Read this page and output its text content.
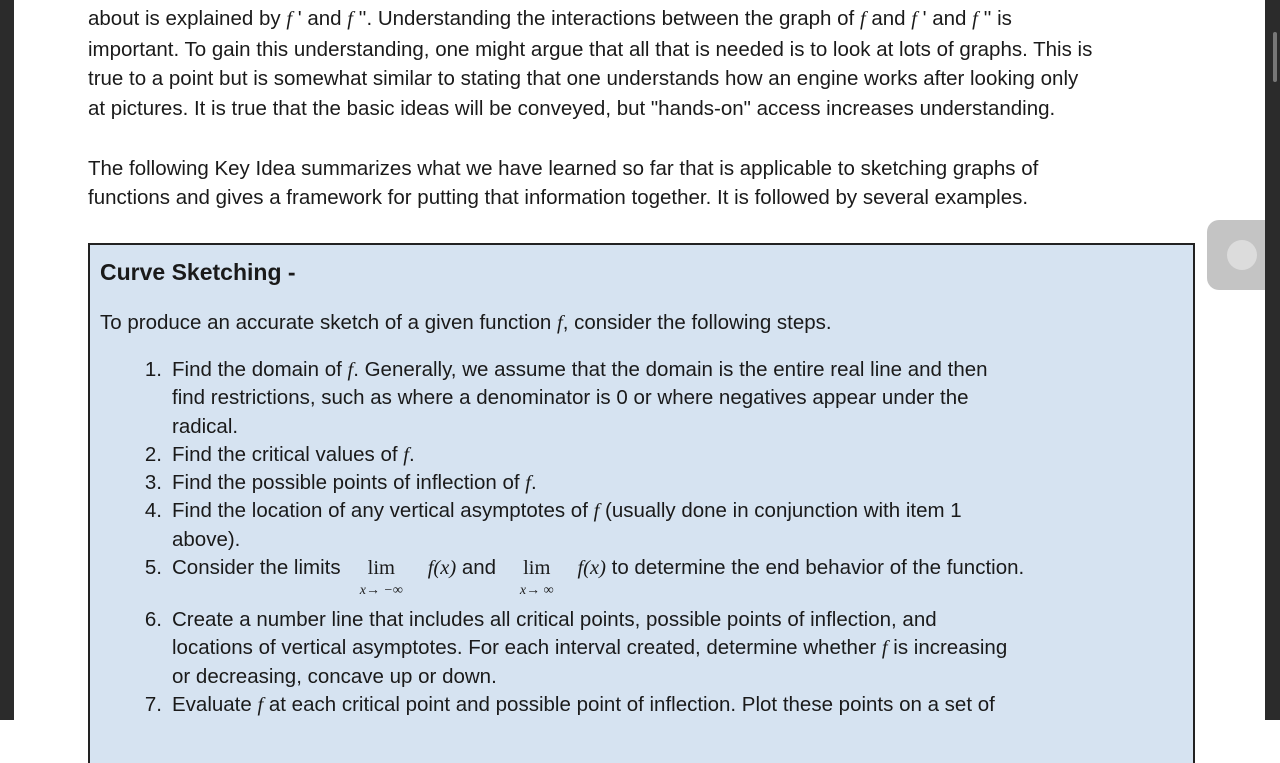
about is explained by f ' and f ''. Understanding the interactions between the graph of f and f ' and f '' is
important. To gain this understanding, one might argue that all that is needed is to look at lots of graphs. This is
true to a point but is somewhat similar to stating that one understands how an engine works after looking only
at pictures. It is true that the basic ideas will be conveyed, but "hands-on" access increases understanding.
The following Key Idea summarizes what we have learned so far that is applicable to sketching graphs of
functions and gives a framework for putting that information together. It is followed by several examples.
Curve Sketching -
To produce an accurate sketch of a given function f, consider the following steps.
1. Find the domain of f. Generally, we assume that the domain is the entire real line and then
find restrictions, such as where a denominator is 0 or where negatives appear under the
radical.
2. Find the critical values of f.
3. Find the possible points of inflection of f.
4. Find the location of any vertical asymptotes of f (usually done in conjunction with item 1
above).
5. Consider the limits lim
x→ −∞
f(x) and lim
x→ ∞
f(x) to determine the end behavior of the function.
6. Create a number line that includes all critical points, possible points of inflection, and
locations of vertical asymptotes. For each interval created, determine whether f is increasing
or decreasing, concave up or down.
7. Evaluate f at each critical point and possible point of inflection. Plot these points on a set of
